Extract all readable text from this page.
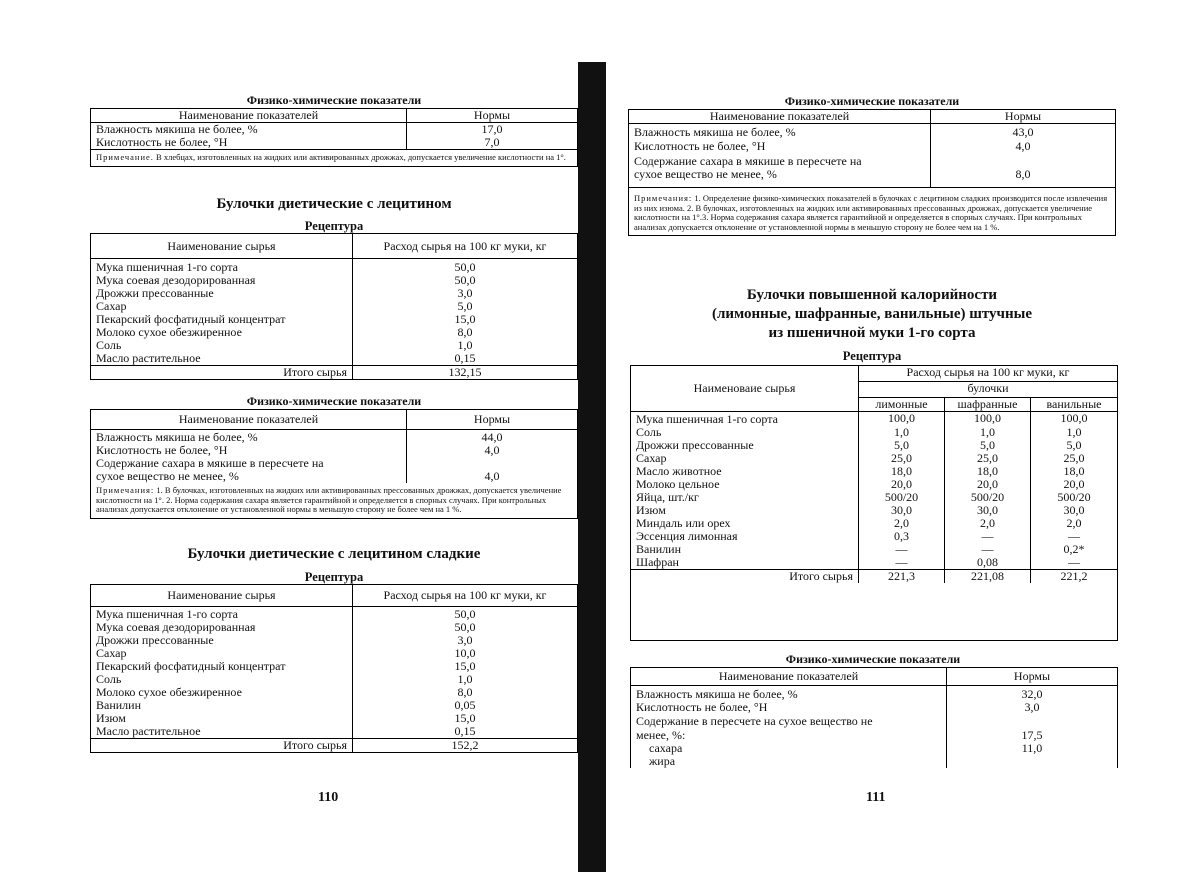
Физико-химические показатели
Наименование показателей	Нормы
Влажность мякиша не более, %	17,0
Кислотность не более, °Н	7,0
Примечание. В хлебцах, изготовленных на жидких или активированных дрожжах, допускается увеличение кислотности на 1°.	
Булочки диетические с лецитином
Рецептура
Наименование сырья	Расход сырья на 100 кг муки, кг
Мука пшеничная 1-го сорта	50,0
Мука соевая дезодорированная	50,0
Дрожжи прессованные	3,0
Сахар	5,0
Пекарский фосфатидный концентрат	15,0
Молоко сухое обезжиренное	8,0
Соль	1,0
Масло растительное	0,15
Итого сырья	132,15
Физико-химические показатели
Наименование показателей	Нормы
Влажность мякиша не более, %	44,0
Кислотность не более, °Н	4,0
Содержание сахара в мякише в пересчете на	
сухое вещество не менее, %	4,0
Примечания: 1. В булочках, изготовленных на жидких или активированных прессованных дрожжах, допускается увеличение кислотности на 1°. 2. Норма содержания сахара является гарантийной и определяется в спорных случаях. При контрольных анализах допускается отклонение от установленной нормы в меньшую сторону не более чем на 1 %.	
Булочки диетические с лецитином сладкие
Рецептура
Наименование сырья	Расход сырья на 100 кг муки, кг
Мука пшеничная 1-го сорта	50,0
Мука соевая дезодорированная	50,0
Дрожжи прессованные	3,0
Сахар	10,0
Пекарский фосфатидный концентрат	15,0
Соль	1,0
Молоко сухое обезжиренное	8,0
Ванилин	0,05
Изюм	15,0
Масло растительное	0,15
Итого сырья	152,2
110
Физико-химические показатели
Наименование показателей	Нормы
Влажность мякиша не более, %	43,0
Кислотность не более, °Н	4,0
Содержание сахара в мякише в пересчете на	
сухое вещество не менее, %	8,0
Примечания: 1. Определение физико-химических показателей в булочках с лецитином сладких производится после извлечения из них изюма. 2. В булочках, изготовленных на жидких или активированных прессованных дрожжах, допускается увеличение кислотности на 1°.3. Норма содержания сахара является гарантийной и определяется в спорных случаях. При контрольных анализах допускается отклонение от установленной нормы в меньшую сторону не более чем на 1 %.	
Булочки повышенной калорийности
(лимонные, шафранные, ванильные) штучные
из пшеничной муки 1-го сорта
Рецептура
Наименоваие сырья	Расход сырья на 100 кг муки, кг		
	булочки		
	лимонные	шафранные	ванильные
Мука пшеничная 1-го сорта	100,0	100,0	100,0
Соль	1,0	1,0	1,0
Дрожжи прессованные	5,0	5,0	5,0
Сахар	25,0	25,0	25,0
Масло животное	18,0	18,0	18,0
Молоко цельное	20,0	20,0	20,0
Яйца, шт./кг	500/20	500/20	500/20
Изюм	30,0	30,0	30,0
Миндаль или орех	2,0	2,0	2,0
Эссенция лимонная	0,3	—	—
Ванилин	—	—	0,2*
Шафран	—	0,08	—
Итого сырья	221,3	221,08	221,2

Физико-химические показатели
Наименование показателей	Нормы
Влажность мякиша не более, %	32,0
Кислотность не более, °Н	3,0
Содержание в пересчете на сухое вещество не	
менее, %:	17,5
сахара	11,0
жира	
111
